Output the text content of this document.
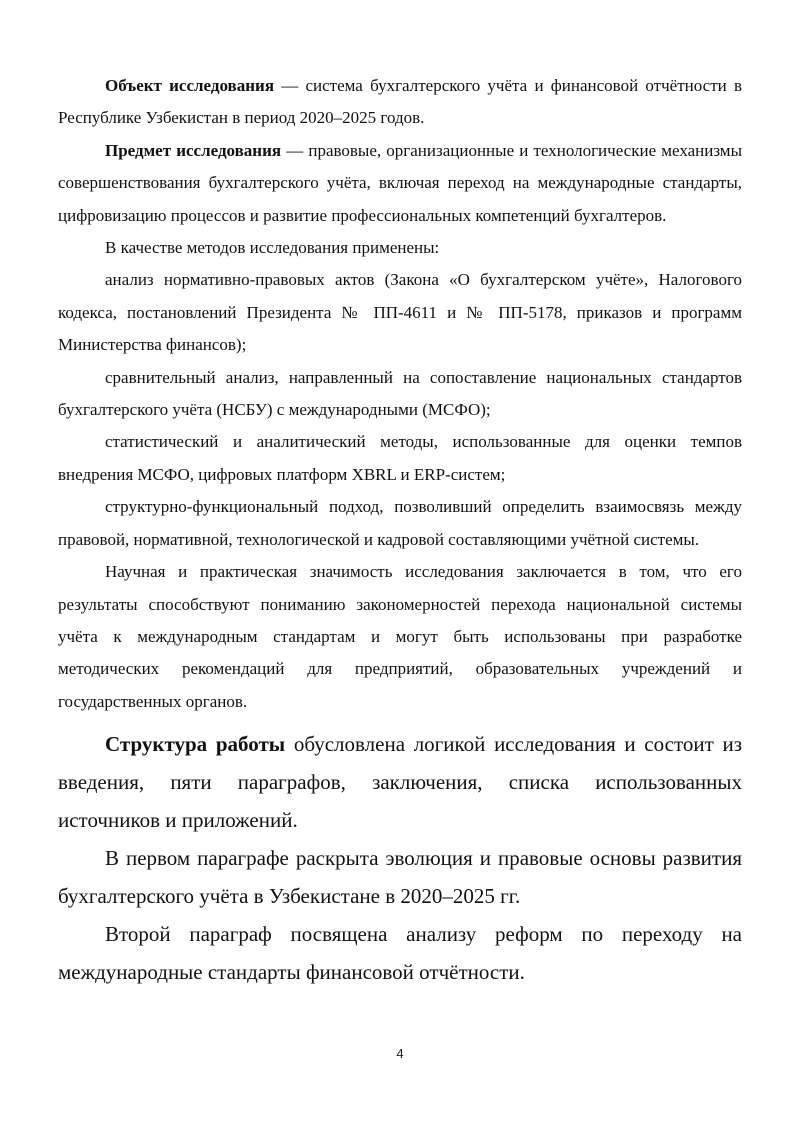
Объект исследования — система бухгалтерского учёта и финансовой отчётности в Республике Узбекистан в период 2020–2025 годов.

Предмет исследования — правовые, организационные и технологические механизмы совершенствования бухгалтерского учёта, включая переход на международные стандарты, цифровизацию процессов и развитие профессиональных компетенций бухгалтеров.

В качестве методов исследования применены:

анализ нормативно-правовых актов (Закона «О бухгалтерском учёте», Налогового кодекса, постановлений Президента № ПП-4611 и № ПП-5178, приказов и программ Министерства финансов);

сравнительный анализ, направленный на сопоставление национальных стандартов бухгалтерского учёта (НСБУ) с международными (МСФО);

статистический и аналитический методы, использованные для оценки темпов внедрения МСФО, цифровых платформ XBRL и ERP-систем;

структурно-функциональный подход, позволивший определить взаимосвязь между правовой, нормативной, технологической и кадровой составляющими учётной системы.

Научная и практическая значимость исследования заключается в том, что его результаты способствуют пониманию закономерностей перехода национальной системы учёта к международным стандартам и могут быть использованы при разработке методических рекомендаций для предприятий, образовательных учреждений и государственных органов.

Структура работы обусловлена логикой исследования и состоит из введения, пяти параграфов, заключения, списка использованных источников и приложений.

В первом параграфе раскрыта эволюция и правовые основы развития бухгалтерского учёта в Узбекистане в 2020–2025 гг.

Второй параграф посвящена анализу реформ по переходу на международные стандарты финансовой отчётности.

4
